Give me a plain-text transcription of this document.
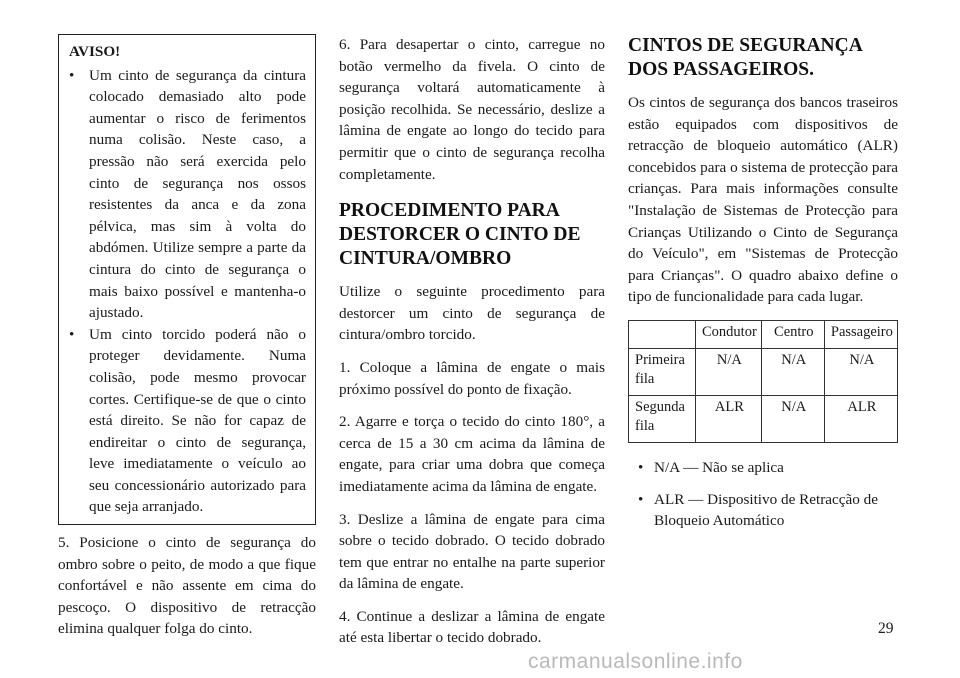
AVISO!
• Um cinto de segurança da cintura colocado demasiado alto pode aumentar o risco de ferimentos numa colisão. Neste caso, a pressão não será exercida pelo cinto de segurança nos ossos resistentes da anca e da zona pélvica, mas sim à volta do abdómen. Utilize sempre a parte da cintura do cinto de segurança o mais baixo possível e mantenha-o ajustado.
• Um cinto torcido poderá não o proteger devidamente. Numa colisão, pode mesmo provocar cortes. Certifique-se de que o cinto está direito. Se não for capaz de endireitar o cinto de segurança, leve imediatamente o veículo ao seu concessionário autorizado para que seja arranjado.

5. Posicione o cinto de segurança do ombro sobre o peito, de modo a que fique confortável e não assente em cima do pescoço. O dispositivo de retracção elimina qualquer folga do cinto.

6. Para desapertar o cinto, carregue no botão vermelho da fivela. O cinto de segurança voltará automaticamente à posição recolhida. Se necessário, deslize a lâmina de engate ao longo do tecido para permitir que o cinto de segurança recolha completamente.

PROCEDIMENTO PARA DESTORCER O CINTO DE CINTURA/OMBRO

Utilize o seguinte procedimento para destorcer um cinto de segurança de cintura/ombro torcido.

1. Coloque a lâmina de engate o mais próximo possível do ponto de fixação.

2. Agarre e torça o tecido do cinto 180°, a cerca de 15 a 30 cm acima da lâmina de engate, para criar uma dobra que começa imediatamente acima da lâmina de engate.

3. Deslize a lâmina de engate para cima sobre o tecido dobrado. O tecido dobrado tem que entrar no entalhe na parte superior da lâmina de engate.

4. Continue a deslizar a lâmina de engate até esta libertar o tecido dobrado.

CINTOS DE SEGURANÇA DOS PASSAGEIROS.

Os cintos de segurança dos bancos traseiros estão equipados com dispositivos de retracção de bloqueio automático (ALR) concebidos para o sistema de protecção para crianças. Para mais informações consulte "Instalação de Sistemas de Protecção para Crianças Utilizando o Cinto de Segurança do Veículo", em "Sistemas de Protecção para Crianças". O quadro abaixo define o tipo de funcionalidade para cada lugar.

	Condutor	Centro	Passageiro
Primeira fila	N/A	N/A	N/A
Segunda fila	ALR	N/A	ALR
• N/A — Não se aplica
• ALR — Dispositivo de Retracção de Bloqueio Automático
29
carmanualsonline.info
